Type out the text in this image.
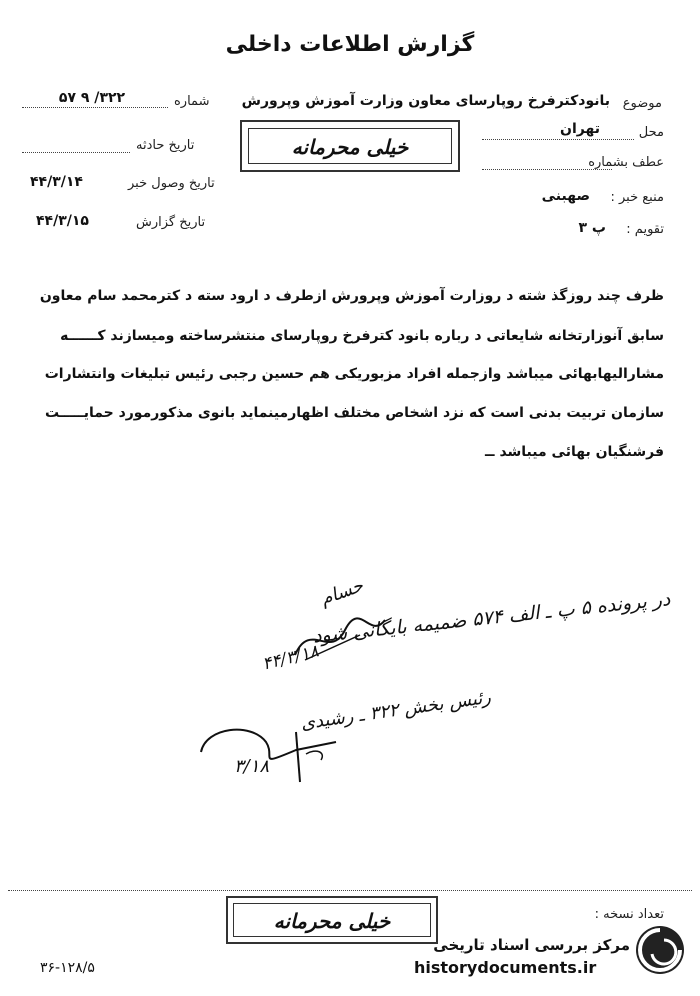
گزارش اطلاعات داخلی
موضوع
بانودکترفرخ روپارسای معاون وزارت آموزش وپرورش
محل
تهران
عطف بشماره
منبع خبر :
صهبنی
تقویم :
پ ۳
شماره
۳۲۲/ ۹ ۵۷
تاریخ حادثه
تاریخ وصول خبر
۴۴/۳/۱۴
تاریخ گزارش
۴۴/۳/۱۵
خیلی محرمانه
ظرف چند روزگذ شته د روزارت آموزش وپرورش ازطرف د ارود سته د کترمحمد سام معاون
سابق آنوزارتخانه شایعاتی د رباره بانود کترفرخ روپارسای منتشرساخته ومیسازند کــــــه
مشارالیهابهائی میباشد وازجمله افراد مزبوریکی هم حسین رجبی رئیس تبلیغات وانتشارات
سازمان تربیت بدنی است که نزد اشخاص مختلف اظهارمینماید بانوی مذکورمورد حمایـــــت
فرشنگیان بهائی میباشد ــ
در پرونده ۵ پ ـ الف ۵۷۴ ضمیمه بایگانی شود
حسام
۴۴/۳/۱۸
رئیس بخش ۳۲۲ ـ رشیدی
۳/۱۸
تعداد نسخه :
خیلی محرمانه
۳۶-۱۲۸/۵
مرکز بررسی اسناد تاریخی
historydocuments.ir
